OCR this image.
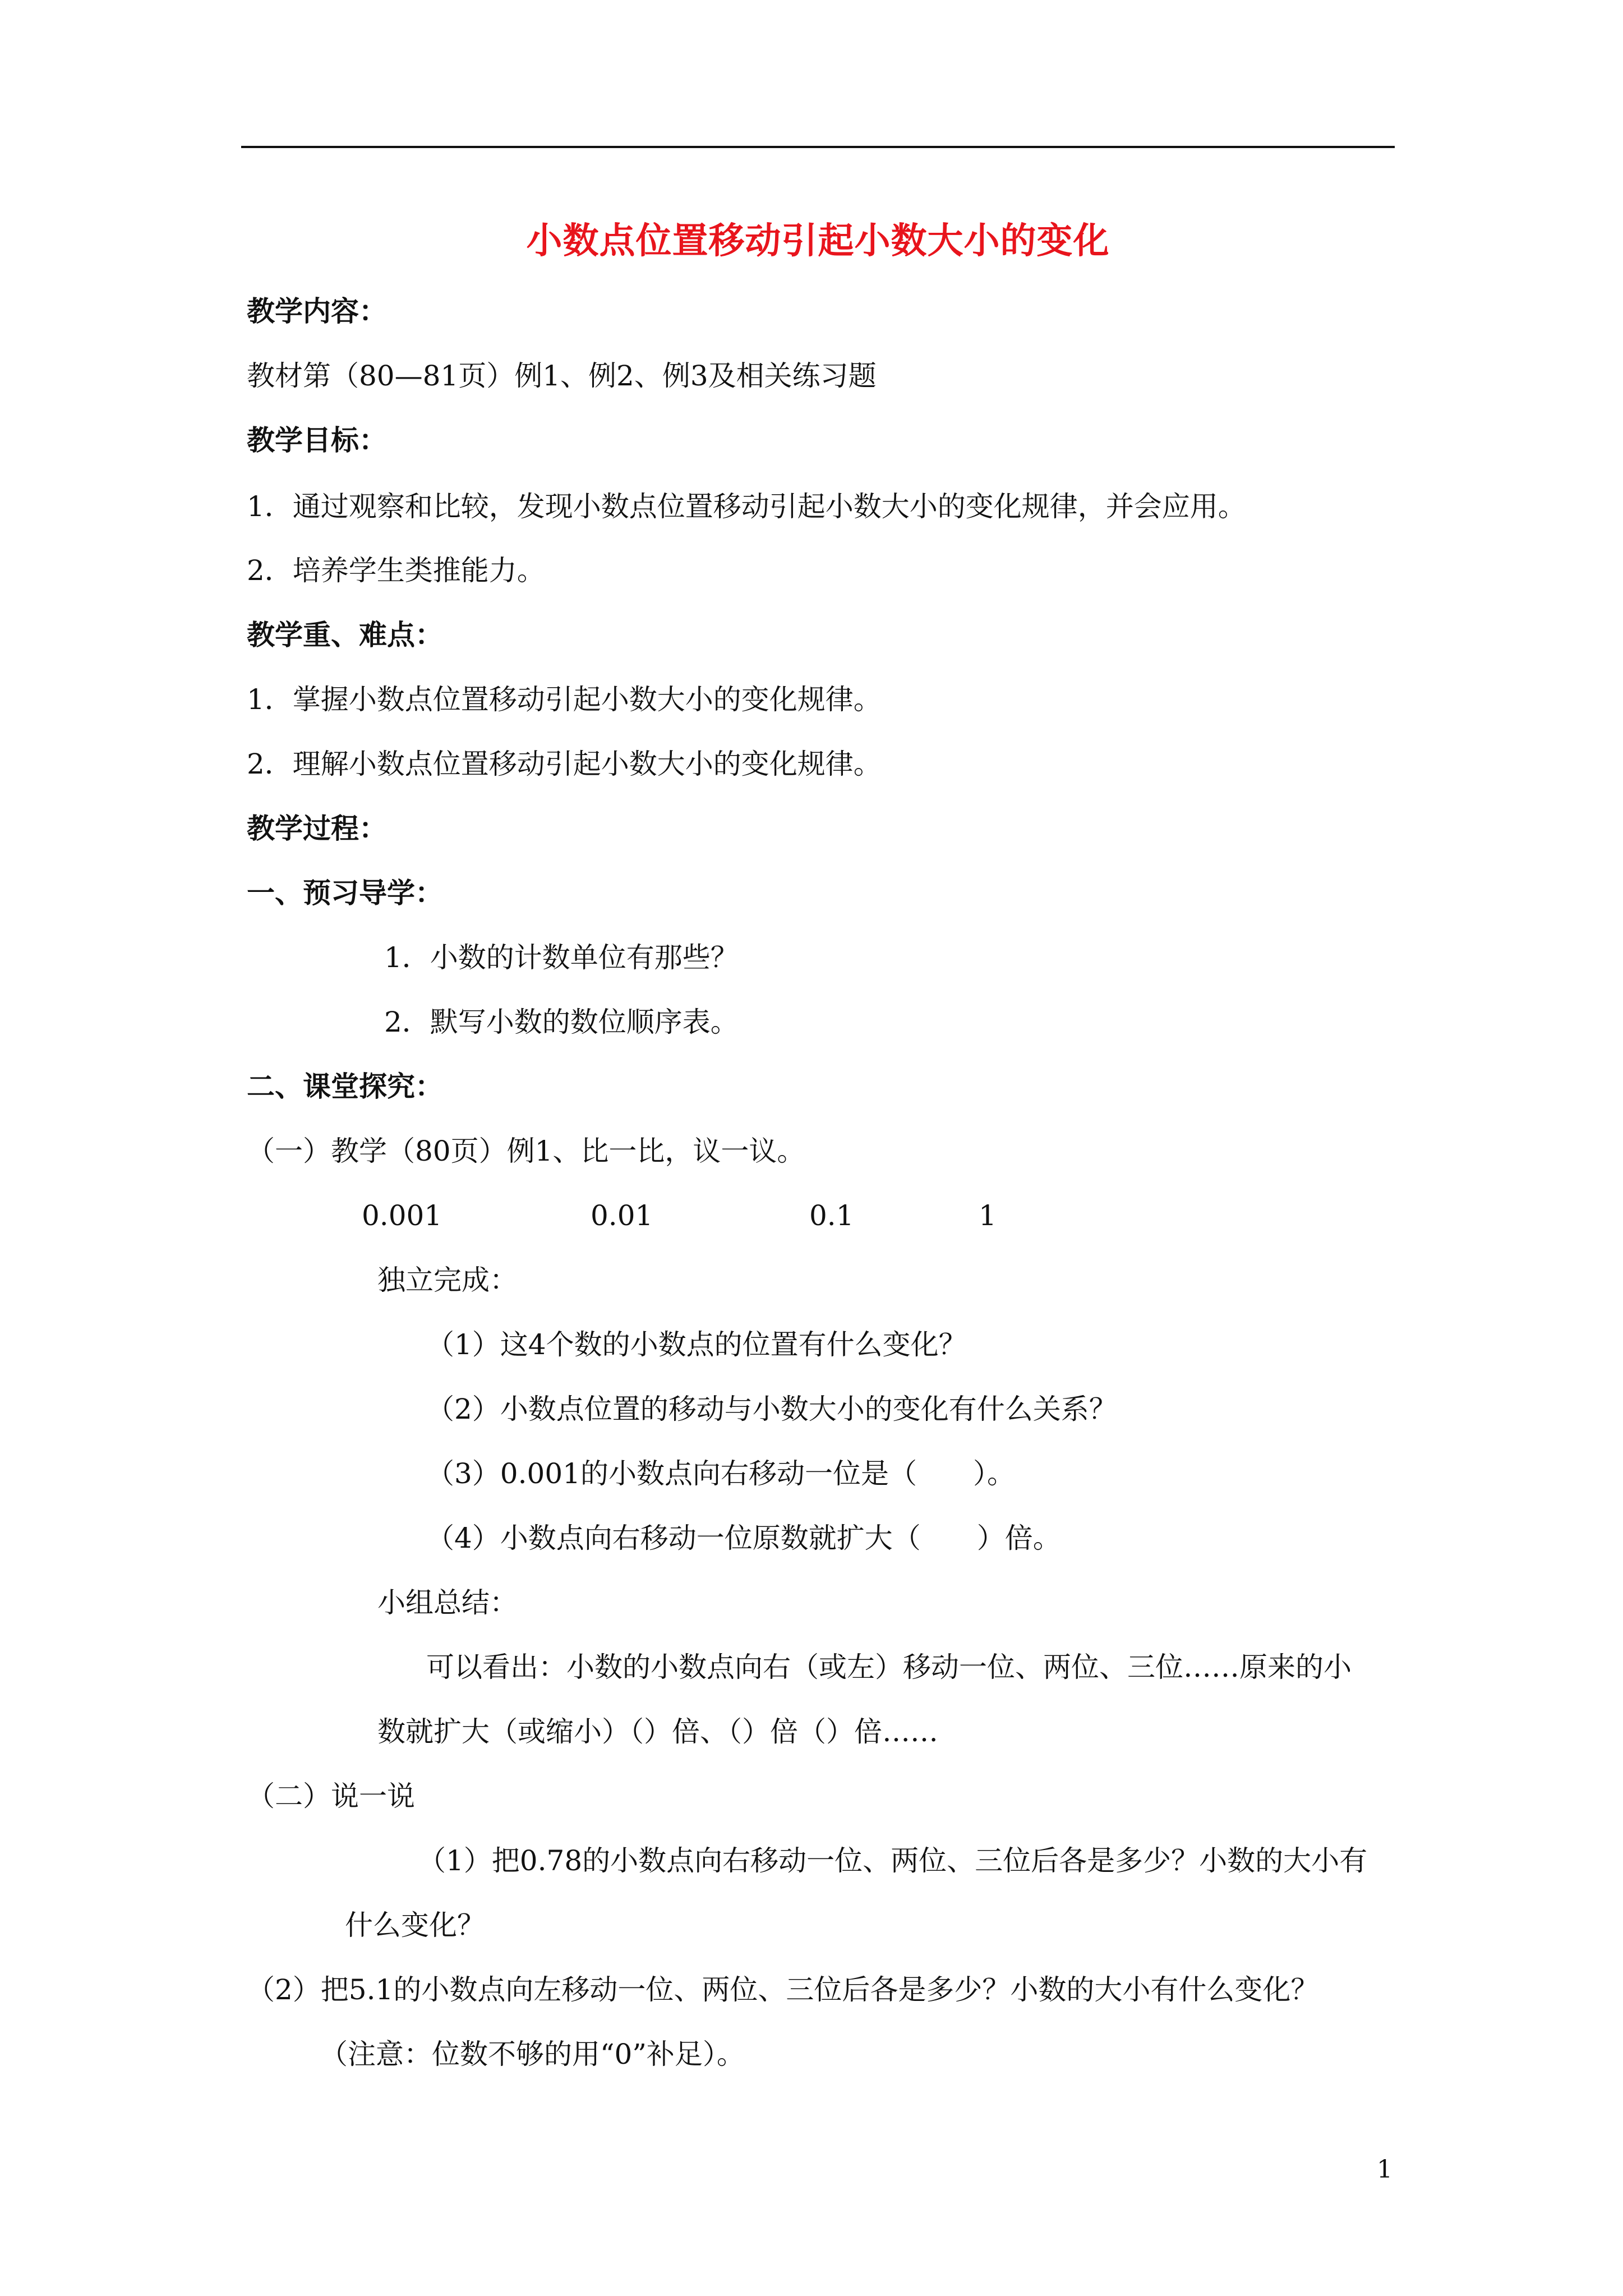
小数点位置移动引起小数大小的变化
教学内容：
教材第（80—81页）例1、例2、例3及相关练习题
教学目标：
1．通过观察和比较，发现小数点位置移动引起小数大小的变化规律，并会应用。
2．培养学生类推能力。
教学重、难点：
1．掌握小数点位置移动引起小数大小的变化规律。
2．理解小数点位置移动引起小数大小的变化规律。
教学过程：
一、预习导学：
1．小数的计数单位有那些？
2．默写小数的数位顺序表。
二、课堂探究：
（一）教学（80页）例1、比一比，议一议。
0.001	0.01	0.1	1
独立完成：
（1）这4个数的小数点的位置有什么变化？
（2）小数点位置的移动与小数大小的变化有什么关系？
（3）0.001的小数点向右移动一位是（　　）。
（4）小数点向右移动一位原数就扩大（　　）倍。
小组总结：
可以看出：小数的小数点向右（或左）移动一位、两位、三位……原来的小
数就扩大（或缩小）（）倍、（）倍（）倍……
（二）说一说
（1）把0.78的小数点向右移动一位、两位、三位后各是多少？小数的大小有
什么变化？
（2）把5.1的小数点向左移动一位、两位、三位后各是多少？小数的大小有什么变化？
（注意：位数不够的用“0”补足）。
1
